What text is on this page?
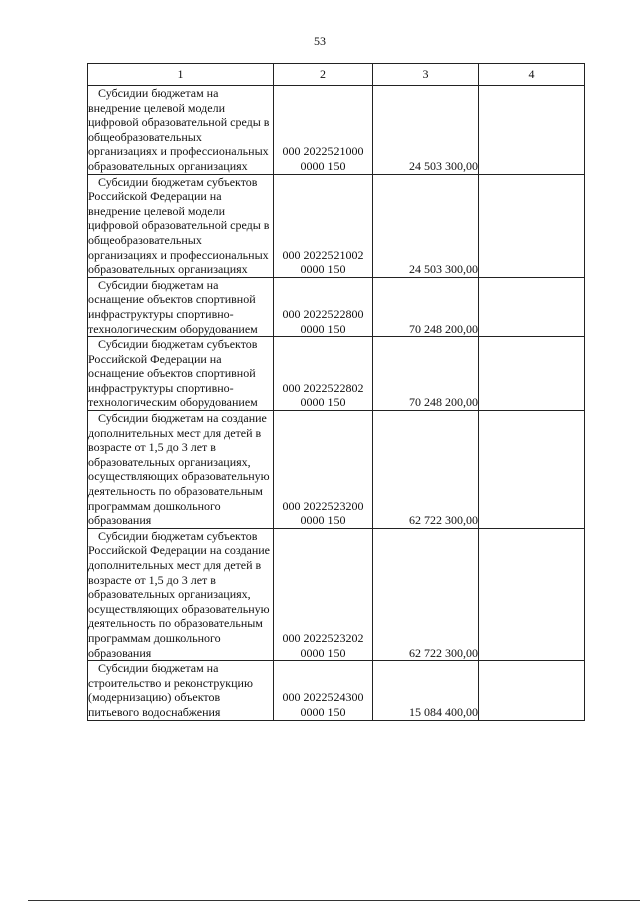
53
1	2	3	4
Субсидии бюджетам на внедрение целевой модели цифровой образовательной среды в общеобразовательных организациях и профессиональных образовательных организациях	000 2022521000 0000 150	24 503 300,00	
Субсидии бюджетам субъектов Российской Федерации на внедрение целевой модели цифровой образовательной среды в общеобразовательных организациях и профессиональных образовательных организациях	000 2022521002 0000 150	24 503 300,00	
Субсидии бюджетам на оснащение объектов спортивной инфраструктуры спортивно-технологическим оборудованием	000 2022522800 0000 150	70 248 200,00	
Субсидии бюджетам субъектов Российской Федерации на оснащение объектов спортивной инфраструктуры спортивно-технологическим оборудованием	000 2022522802 0000 150	70 248 200,00	
Субсидии бюджетам на создание дополнительных мест для детей в возрасте от 1,5 до 3 лет в образовательных организациях, осуществляющих образовательную деятельность по образовательным программам дошкольного образования	000 2022523200 0000 150	62 722 300,00	
Субсидии бюджетам субъектов Российской Федерации на создание дополнительных мест для детей в возрасте от 1,5 до 3 лет в образовательных организациях, осуществляющих образовательную деятельность по образовательным программам дошкольного образования	000 2022523202 0000 150	62 722 300,00	
Субсидии бюджетам на строительство и реконструкцию (модернизацию) объектов питьевого водоснабжения	000 2022524300 0000 150	15 084 400,00	
